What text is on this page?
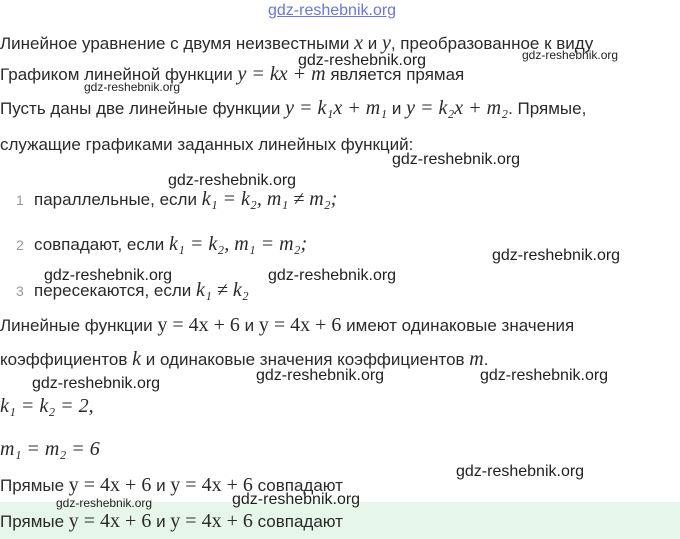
gdz-reshebnik.org
Линейное уравнение с двумя неизвестными x и y, преобразованное к виду
Графиком линейной функции y = kx + m является прямая
Пусть даны две линейные функции y = k₁x + m₁ и y = k₂x + m₂. Прямые,
служащие графиками заданных линейных функций:
1 параллельные, если k₁ = k₂, m₁ ≠ m₂;
2 совпадают, если k₁ = k₂, m₁ = m₂;
3 пересекаются, если k₁ ≠ k₂
Линейные функции y = 4x + 6 и y = 4x + 6 имеют одинаковые значения
коэффициентов k и одинаковые значения коэффициентов m.
k₁ = k₂ = 2,
m₁ = m₂ = 6
Прямые y = 4x + 6 и y = 4x + 6 совпадают
Прямые y = 4x + 6 и y = 4x + 6 совпадают
gdz-reshebnik.org	gdz-reshebnik.org
gdz-reshebnik.org
gdz-reshebnik.org
gdz-reshebnik.org
gdz-reshebnik.org
gdz-reshebnik.org	gdz-reshebnik.org
gdz-reshebnik.org	gdz-reshebnik.org	gdz-reshebnik.org
gdz-reshebnik.org
gdz-reshebnik.org	gdz-reshebnik.org
